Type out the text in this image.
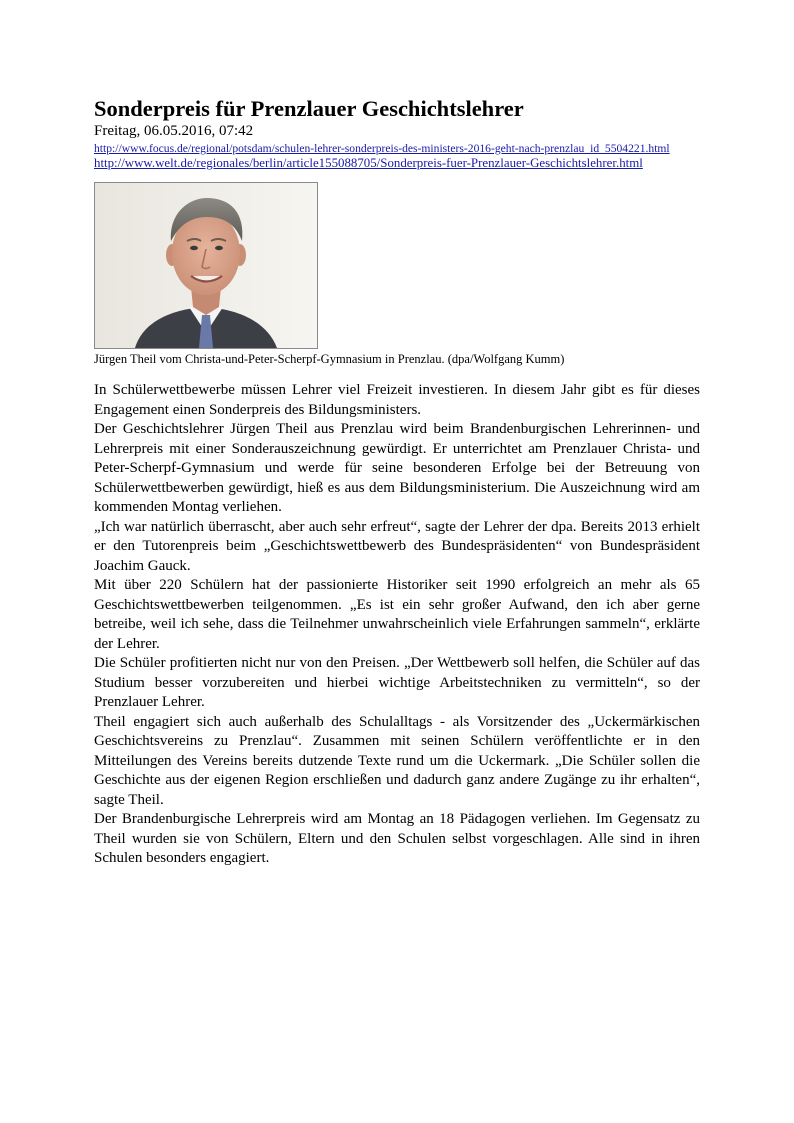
Sonderpreis für Prenzlauer Geschichtslehrer

Freitag, 06.05.2016, 07:42

http://www.focus.de/regional/potsdam/schulen-lehrer-sonderpreis-des-ministers-2016-geht-nach-prenzlau_id_5504221.html
http://www.welt.de/regionales/berlin/article155088705/Sonderpreis-fuer-Prenzlauer-Geschichtslehrer.html

Jürgen Theil vom Christa-und-Peter-Scherpf-Gymnasium in Prenzlau. (dpa/Wolfgang Kumm)

In Schülerwettbewerbe müssen Lehrer viel Freizeit investieren. In diesem Jahr gibt es für dieses Engagement einen Sonderpreis des Bildungsministers.

Der Geschichtslehrer Jürgen Theil aus Prenzlau wird beim Brandenburgischen Lehrerinnen- und Lehrerpreis mit einer Sonderauszeichnung gewürdigt. Er unterrichtet am Prenzlauer Christa- und Peter-Scherpf-Gymnasium und werde für seine besonderen Erfolge bei der Betreuung von Schülerwettbewerben gewürdigt, hieß es aus dem Bildungsministerium. Die Auszeichnung wird am kommenden Montag verliehen.

„Ich war natürlich überrascht, aber auch sehr erfreut“, sagte der Lehrer der dpa. Bereits 2013 erhielt er den Tutorenpreis beim „Geschichtswettbewerb des Bundespräsidenten“ von Bundespräsident Joachim Gauck.

Mit über 220 Schülern hat der passionierte Historiker seit 1990 erfolgreich an mehr als 65 Geschichtswettbewerben teilgenommen. „Es ist ein sehr großer Aufwand, den ich aber gerne betreibe, weil ich sehe, dass die Teilnehmer unwahrscheinlich viele Erfahrungen sammeln“, erklärte der Lehrer.

Die Schüler profitierten nicht nur von den Preisen. „Der Wettbewerb soll helfen, die Schüler auf das Studium besser vorzubereiten und hierbei wichtige Arbeitstechniken zu vermitteln“, so der Prenzlauer Lehrer.

Theil engagiert sich auch außerhalb des Schulalltags - als Vorsitzender des „Uckermärkischen Geschichtsvereins zu Prenzlau“. Zusammen mit seinen Schülern veröffentlichte er in den Mitteilungen des Vereins bereits dutzende Texte rund um die Uckermark. „Die Schüler sollen die Geschichte aus der eigenen Region erschließen und dadurch ganz andere Zugänge zu ihr erhalten“, sagte Theil.

Der Brandenburgische Lehrerpreis wird am Montag an 18 Pädagogen verliehen. Im Gegensatz zu Theil wurden sie von Schülern, Eltern und den Schulen selbst vorgeschlagen. Alle sind in ihren Schulen besonders engagiert.
